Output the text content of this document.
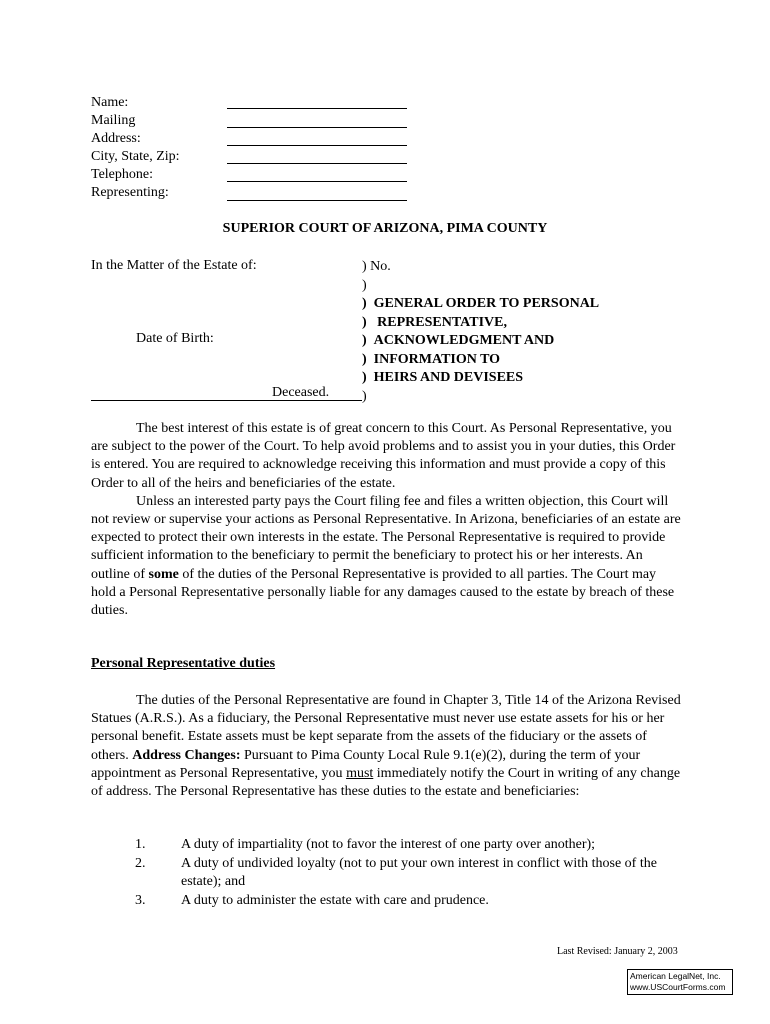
Name:
Mailing
Address:
City, State, Zip:
Telephone:
Representing:
SUPERIOR COURT OF ARIZONA, PIMA COUNTY
In the Matter of the Estate of:
Date of Birth:
Deceased.
) No.
)
)  GENERAL ORDER TO PERSONAL
)   REPRESENTATIVE,
)  ACKNOWLEDGMENT AND
)  INFORMATION TO
)  HEIRS AND DEVISEES
)

The best interest of this estate is of great concern to this Court. As Personal Representative, you are subject to the power of the Court. To help avoid problems and to assist you in your duties, this Order is entered. You are required to acknowledge receiving this information and must provide a copy of this Order to all of the heirs and beneficiaries of the estate.

Unless an interested party pays the Court filing fee and files a written objection, this Court will not review or supervise your actions as Personal Representative. In Arizona, beneficiaries of an estate are expected to protect their own interests in the estate. The Personal Representative is required to provide sufficient information to the beneficiary to permit the beneficiary to protect his or her interests. An outline of some of the duties of the Personal Representative is provided to all parties. The Court may hold a Personal Representative personally liable for any damages caused to the estate by breach of these duties.

Personal Representative duties

The duties of the Personal Representative are found in Chapter 3, Title 14 of the Arizona Revised Statues (A.R.S.). As a fiduciary, the Personal Representative must never use estate assets for his or her personal benefit. Estate assets must be kept separate from the assets of the fiduciary or the assets of others. Address Changes: Pursuant to Pima County Local Rule 9.1(e)(2), during the term of your appointment as Personal Representative, you must immediately notify the Court in writing of any change of address. The Personal Representative has these duties to the estate and beneficiaries:

1.	A duty of impartiality (not to favor the interest of one party over another);
2.	A duty of undivided loyalty (not to put your own interest in conflict with those of the estate); and
3.	A duty to administer the estate with care and prudence.
Last Revised: January 2, 2003
American LegalNet, Inc.
www.USCourtForms.com
